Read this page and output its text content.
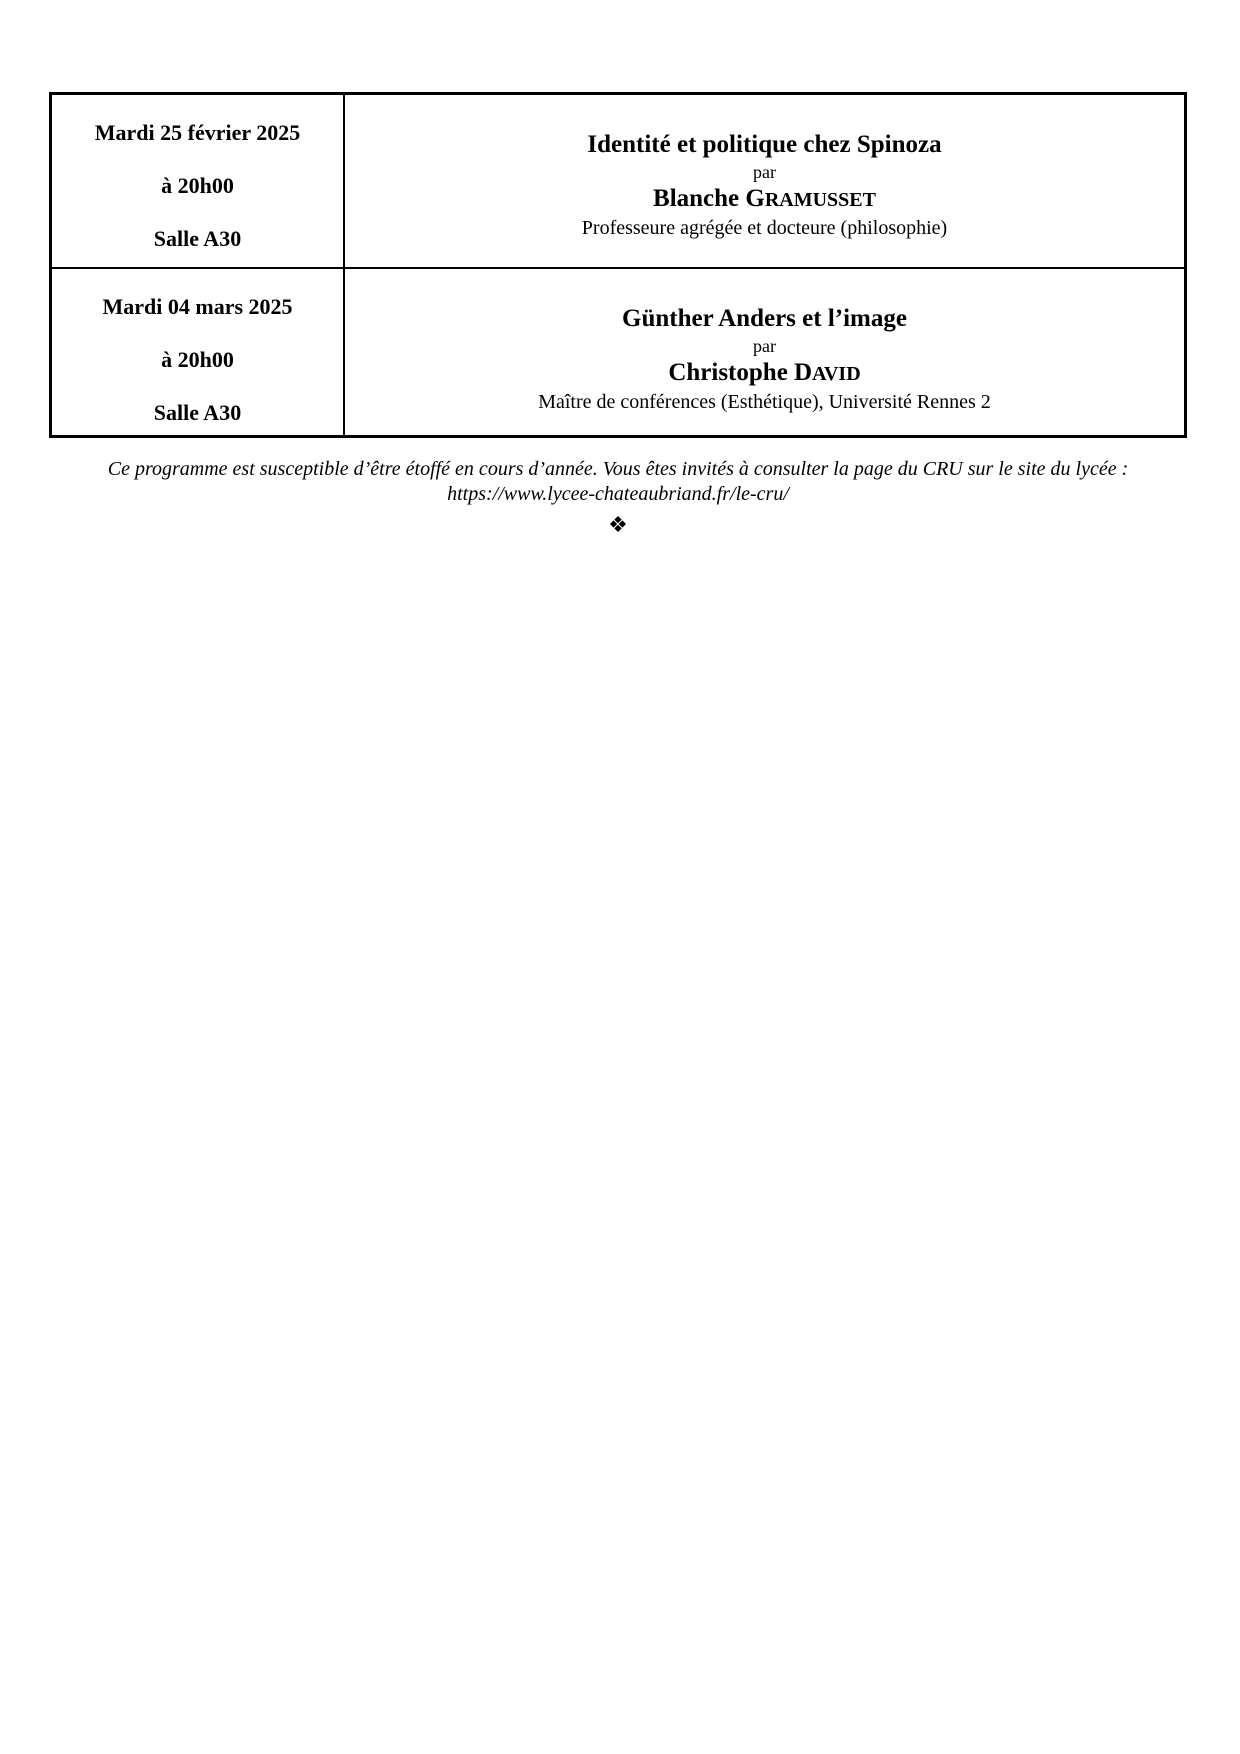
Mardi 25 février 2025
à 20h00
Salle A30
Identité et politique chez Spinoza
par
Blanche GRAMUSSET
Professeure agrégée et docteure (philosophie)
Mardi 04 mars 2025
à 20h00
Salle A30
Günther Anders et l’image
par
Christophe DAVID
Maître de conférences (Esthétique), Université Rennes 2
Ce programme est susceptible d’être étoffé en cours d’année. Vous êtes invités à consulter la page du CRU sur le site du lycée :
https://www.lycee-chateaubriand.fr/le-cru/
❖
